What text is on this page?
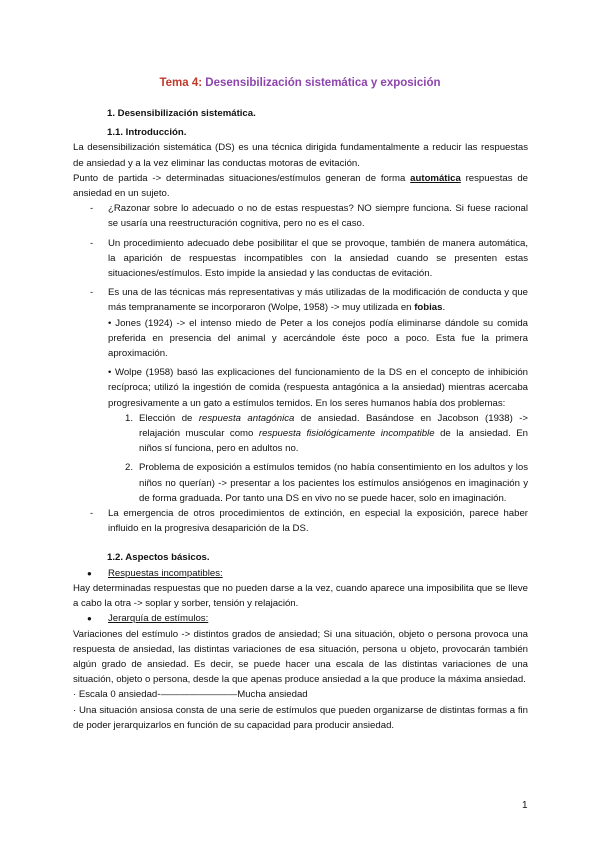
Tema 4: Desensibilización sistemática y exposición

1. Desensibilización sistemática.

1.1. Introducción.

La desensibilización sistemática (DS) es una técnica dirigida fundamentalmente a reducir las respuestas de ansiedad y a la vez eliminar las conductas motoras de evitación.

Punto de partida -> determinadas situaciones/estímulos generan de forma automática respuestas de ansiedad en un sujeto.

- ¿Razonar sobre lo adecuado o no de estas respuestas? NO siempre funciona. Si fuese racional se usaría una reestructuración cognitiva, pero no es el caso.

- Un procedimiento adecuado debe posibilitar el que se provoque, también de manera automática, la aparición de respuestas incompatibles con la ansiedad cuando se presenten estas situaciones/estímulos. Esto impide la ansiedad y las conductas de evitación.

- Es una de las técnicas más representativas y más utilizadas de la modificación de conducta y que más tempranamente se incorporaron (Wolpe, 1958) -> muy utilizada en fobias.

• Jones (1924) -> el intenso miedo de Peter a los conejos podía eliminarse dándole su comida preferida en presencia del animal y acercándole éste poco a poco. Esta fue la primera aproximación.

• Wolpe (1958) basó las explicaciones del funcionamiento de la DS en el concepto de inhibición recíproca; utilizó la ingestión de comida (respuesta antagónica a la ansiedad) mientras acercaba progresivamente a un gato a estímulos temidos. En los seres humanos había dos problemas:

1. Elección de respuesta antagónica de ansiedad. Basándose en Jacobson (1938) -> relajación muscular como respuesta fisiológicamente incompatible de la ansiedad. En niños sí funciona, pero en adultos no.

2. Problema de exposición a estímulos temidos (no había consentimiento en los adultos y los niños no querían) -> presentar a los pacientes los estímulos ansiógenos en imaginación y de forma graduada. Por tanto una DS en vivo no se puede hacer, solo en imaginación.

- La emergencia de otros procedimientos de extinción, en especial la exposición, parece haber influido en la progresiva desaparición de la DS.

1.2. Aspectos básicos.

● Respuestas incompatibles:

Hay determinadas respuestas que no pueden darse a la vez, cuando aparece una imposibilita que se lleve a cabo la otra -> soplar y sorber, tensión y relajación.

● Jerarquía de estímulos:

Variaciones del estímulo -> distintos grados de ansiedad; Si una situación, objeto o persona provoca una respuesta de ansiedad, las distintas variaciones de esa situación, persona u objeto, provocarán también algún grado de ansiedad. Es decir, se puede hacer una escala de las distintas variaciones de una situación, objeto o persona, desde la que apenas produce ansiedad a la que produce la máxima ansiedad.

· Escala 0 ansiedad-————————Mucha ansiedad

· Una situación ansiosa consta de una serie de estímulos que pueden organizarse de distintas formas a fin de poder jerarquizarlos en función de su capacidad para producir ansiedad.

1
